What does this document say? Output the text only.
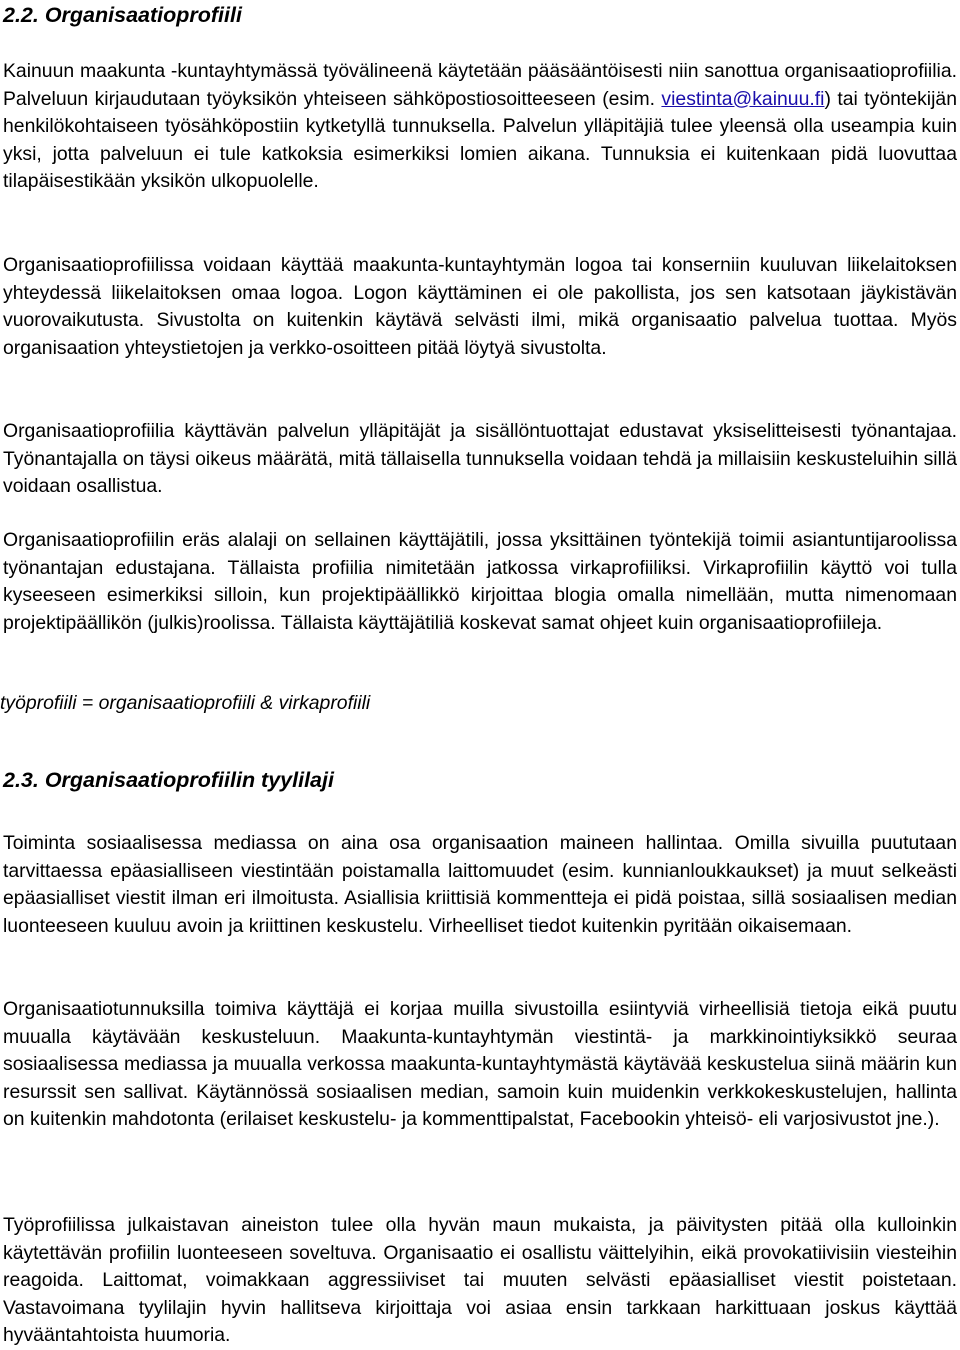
2.2. Organisaatioprofiili

Kainuun maakunta -kuntayhtymässä työvälineenä käytetään pääsääntöisesti niin sanottua organisaatioprofiilia. Palveluun kirjaudutaan työyksikön yhteiseen sähköpostiosoitteeseen (esim. viestinta@kainuu.fi) tai työntekijän henkilökohtaiseen työsähköpostiin kytketyllä tunnuksella. Palvelun ylläpitäjiä tulee yleensä olla useampia kuin yksi, jotta palveluun ei tule katkoksia esimerkiksi lomien aikana. Tunnuksia ei kuitenkaan pidä luovuttaa tilapäisestikään yksikön ulkopuolelle.

Organisaatioprofiilissa voidaan käyttää maakunta-kuntayhtymän logoa tai konserniin kuuluvan liikelaitoksen yhteydessä liikelaitoksen omaa logoa. Logon käyttäminen ei ole pakollista, jos sen katsotaan jäykistävän vuorovaikutusta. Sivustolta on kuitenkin käytävä selvästi ilmi, mikä organisaatio palvelua tuottaa. Myös organisaation yhteystietojen ja verkko-osoitteen pitää löytyä sivustolta.

Organisaatioprofiilia käyttävän palvelun ylläpitäjät ja sisällöntuottajat edustavat yksiselitteisesti työnantajaa. Työnantajalla on täysi oikeus määrätä, mitä tällaisella tunnuksella voidaan tehdä ja millaisiin keskusteluihin sillä voidaan osallistua.

Organisaatioprofiilin eräs alalaji on sellainen käyttäjätili, jossa yksittäinen työntekijä toimii asiantuntijaroolissa työnantajan edustajana. Tällaista profiilia nimitetään jatkossa virkaprofiiliksi. Virkaprofiilin käyttö voi tulla kyseeseen esimerkiksi silloin, kun projektipäällikkö kirjoittaa blogia omalla nimellään, mutta nimenomaan projektipäällikön (julkis)roolissa. Tällaista käyttäjätiliä koskevat samat ohjeet kuin organisaatioprofiileja.

työprofiili = organisaatioprofiili & virkaprofiili

2.3. Organisaatioprofiilin tyylilaji

Toiminta sosiaalisessa mediassa on aina osa organisaation maineen hallintaa. Omilla sivuilla puututaan tarvittaessa epäasialliseen viestintään poistamalla laittomuudet (esim. kunnianloukkaukset) ja muut selkeästi epäasialliset viestit ilman eri ilmoitusta. Asiallisia kriittisiä kommentteja ei pidä poistaa, sillä sosiaalisen median luonteeseen kuuluu avoin ja kriittinen keskustelu. Virheelliset tiedot kuitenkin pyritään oikaisemaan.

Organisaatiotunnuksilla toimiva käyttäjä ei korjaa muilla sivustoilla esiintyviä virheellisiä tietoja eikä puutu muualla käytävään keskusteluun. Maakunta-kuntayhtymän viestintä- ja markkinointiyksikkö seuraa sosiaalisessa mediassa ja muualla verkossa maakunta-kuntayhtymästä käytävää keskustelua siinä määrin kun resurssit sen sallivat. Käytännössä sosiaalisen median, samoin kuin muidenkin verkkokeskustelujen, hallinta on kuitenkin mahdotonta (erilaiset keskustelu- ja kommenttipalstat, Facebookin yhteisö- eli varjosivustot jne.).

Työprofiilissa julkaistavan aineiston tulee olla hyvän maun mukaista, ja päivitysten pitää olla kulloinkin käytettävän profiilin luonteeseen soveltuva. Organisaatio ei osallistu väittelyihin, eikä provokatiivisiin viesteihin reagoida. Laittomat, voimakkaan aggressiiviset tai muuten selvästi epäasialliset viestit poistetaan. Vastavoimana tyylilajin hyvin hallitseva kirjoittaja voi asiaa ensin tarkkaan harkittuaan joskus käyttää hyvääntahtoista huumoria.
